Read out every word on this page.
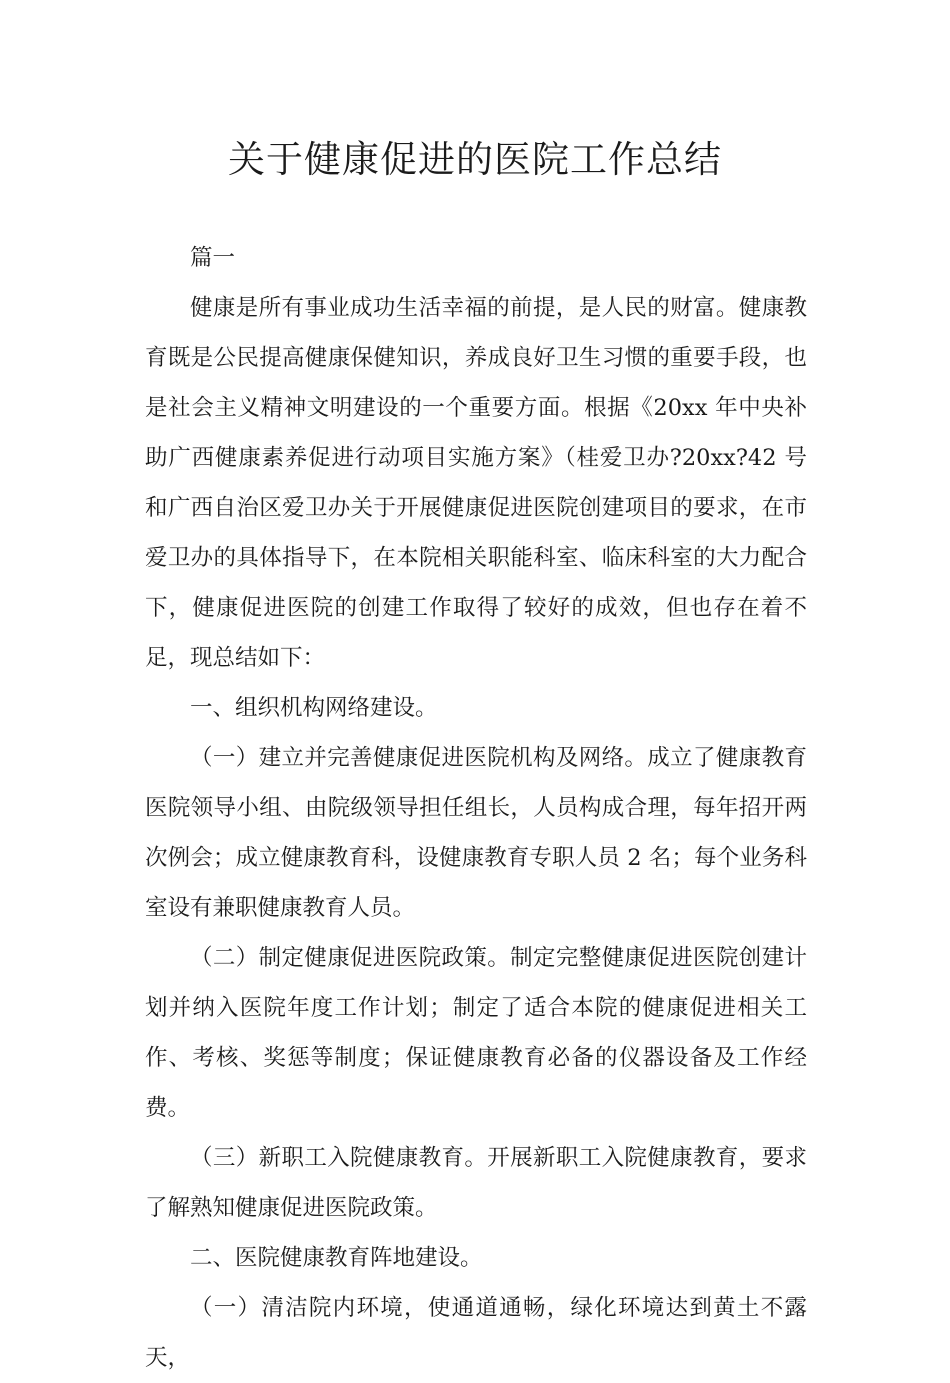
关于健康促进的医院工作总结

篇一

健康是所有事业成功生活幸福的前提，是人民的财富。健康教育既是公民提高健康保健知识，养成良好卫生习惯的重要手段，也是社会主义精神文明建设的一个重要方面。根据《20xx 年中央补助广西健康素养促进行动项目实施方案》（桂爱卫办?20xx?42 号和广西自治区爱卫办关于开展健康促进医院创建项目的要求，在市爱卫办的具体指导下，在本院相关职能科室、临床科室的大力配合下，健康促进医院的创建工作取得了较好的成效，但也存在着不足，现总结如下：

一、组织机构网络建设。

（一）建立并完善健康促进医院机构及网络。成立了健康教育医院领导小组、由院级领导担任组长，人员构成合理，每年招开两次例会；成立健康教育科，设健康教育专职人员 2 名；每个业务科室设有兼职健康教育人员。

（二）制定健康促进医院政策。制定完整健康促进医院创建计划并纳入医院年度工作计划；制定了适合本院的健康促进相关工作、考核、奖惩等制度；保证健康教育必备的仪器设备及工作经费。

（三）新职工入院健康教育。开展新职工入院健康教育，要求了解熟知健康促进医院政策。

二、医院健康教育阵地建设。

（一）清洁院内环境，使通道通畅，绿化环境达到黄土不露天，
